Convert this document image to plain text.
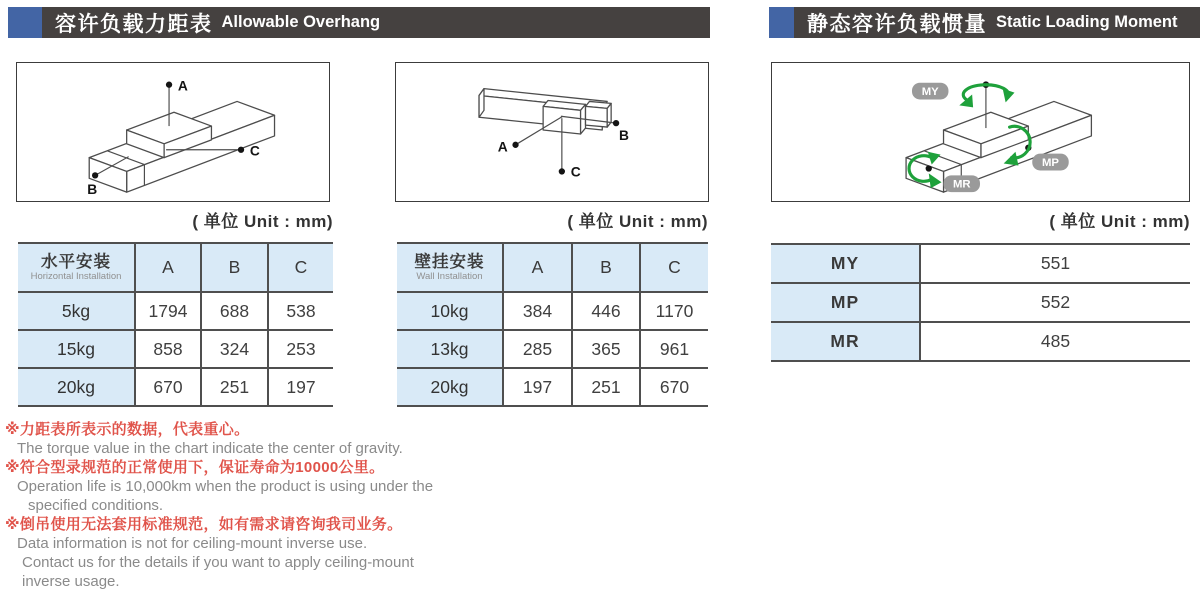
容许负载力距表 Allowable Overhang	静态容许负载惯量 Static Loading Moment
A
B
C	A
B
C
MY
MP
MR
( 单位 Unit : mm)	( 单位 Unit : mm)	( 单位 Unit : mm)
水平安装
Horizontal Installation	A	B	C
5kg	1794	688	538
15kg	858	324	253
20kg	670	251	197
壁挂安装
Wall Installation	A	B	C
10kg	384	446	1170
13kg	285	365	961
20kg	197	251	670
MY	551
MP	552
MR	485
※力距表所表示的数据，代表重心。
The torque value in the chart indicate the center of gravity.
※符合型录规范的正常使用下，保证寿命为10000公里。
Operation life is 10,000km when the product is using under the
specified conditions.
※倒吊使用无法套用标准规范，如有需求请咨询我司业务。
Data information is not for ceiling-mount inverse use.
Contact us for the details if you want to apply ceiling-mount
inverse usage.
